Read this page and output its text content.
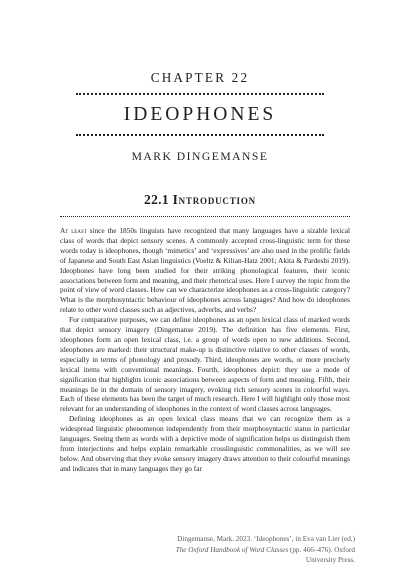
CHAPTER 22
IDEOPHONES
MARK DINGEMANSE
22.1 Introduction

At least since the 1850s linguists have recognized that many languages have a sizable lexical class of words that depict sensory scenes. A commonly accepted cross-linguistic term for these words today is ideophones, though ‘mimetics’ and ‘expressives’ are also used in the prolific fields of Japanese and South East Asian linguistics (Voeltz & Kilian-Hatz 2001; Akita & Pardeshi 2019). Ideophones have long been studied for their striking phonological features, their iconic associations between form and meaning, and their rhetorical uses. Here I survey the topic from the point of view of word classes. How can we characterize ideophones as a cross-linguistic category? What is the morphosyntactic behaviour of ideophones across languages? And how do ideophones relate to other word classes such as adjectives, adverbs, and verbs?

For comparative purposes, we can define ideophones as an open lexical class of marked words that depict sensory imagery (Dingemanse 2019). The definition has five elements. First, ideophones form an open lexical class, i.e. a group of words open to new additions. Second, ideophones are marked: their structural make-up is distinctive relative to other classes of words, especially in terms of phonology and prosody. Third, ideophones are words, or more precisely lexical items with conventional meanings. Fourth, ideophones depict: they use a mode of signification that highlights iconic associations between aspects of form and meaning. Fifth, their meanings lie in the domain of sensory imagery, evoking rich sensory scenes in colourful ways. Each of these elements has been the target of much research. Here I will highlight only those most relevant for an understanding of ideophones in the context of word classes across languages.

Defining ideophones as an open lexical class means that we can recognize them as a widespread linguistic phenomenon independently from their morphosyntactic status in particular languages. Seeing them as words with a depictive mode of signification helps us distinguish them from interjections and helps explain remarkable crosslinguistic commonalities, as we will see below. And observing that they evoke sensory imagery draws attention to their colourful meanings and indicates that in many languages they go far

Dingemanse, Mark. 2023. ‘Ideophones’, in Eva van Lier (ed.)
The Oxford Handbook of Word Classes (pp. 466–476). Oxford University Press.
